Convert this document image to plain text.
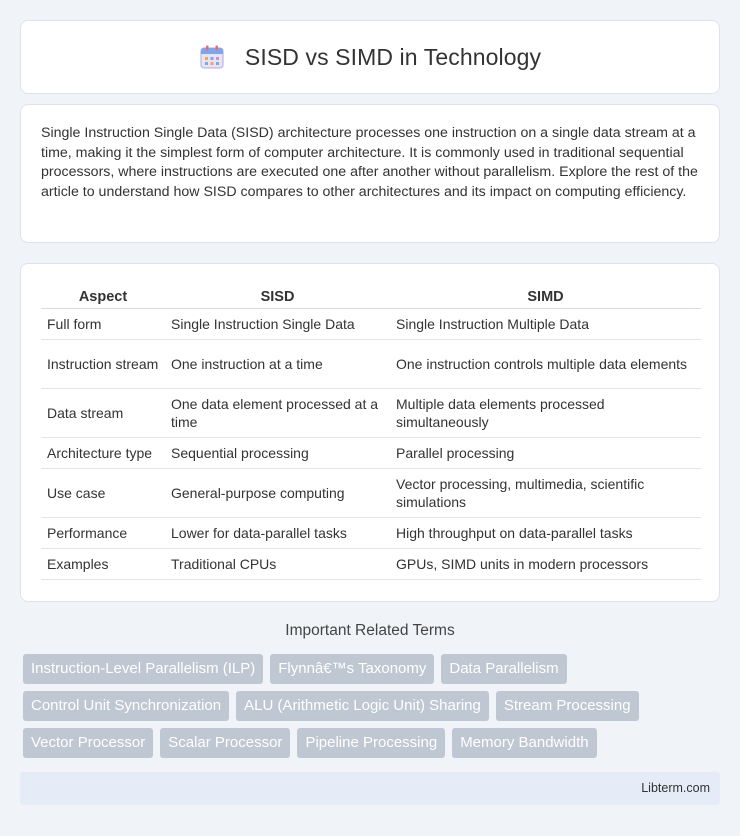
SISD vs SIMD in Technology

Single Instruction Single Data (SISD) architecture processes one instruction on a single data stream at a time, making it the simplest form of computer architecture. It is commonly used in traditional sequential processors, where instructions are executed one after another without parallelism. Explore the rest of the article to understand how SISD compares to other architectures and its impact on computing efficiency.

Aspect	SISD	SIMD
Full form	Single Instruction Single Data	Single Instruction Multiple Data
Instruction stream	One instruction at a time	One instruction controls multiple data elements
Data stream	One data element processed at a time	Multiple data elements processed simultaneously
Architecture type	Sequential processing	Parallel processing
Use case	General-purpose computing	Vector processing, multimedia, scientific simulations
Performance	Lower for data-parallel tasks	High throughput on data-parallel tasks
Examples	Traditional CPUs	GPUs, SIMD units in modern processors
Important Related Terms
Instruction-Level Parallelism (ILP)	Flynnâ€™s Taxonomy	Data Parallelism
Control Unit Synchronization	ALU (Arithmetic Logic Unit) Sharing	Stream Processing
Vector Processor	Scalar Processor	Pipeline Processing	Memory Bandwidth
Libterm.com
